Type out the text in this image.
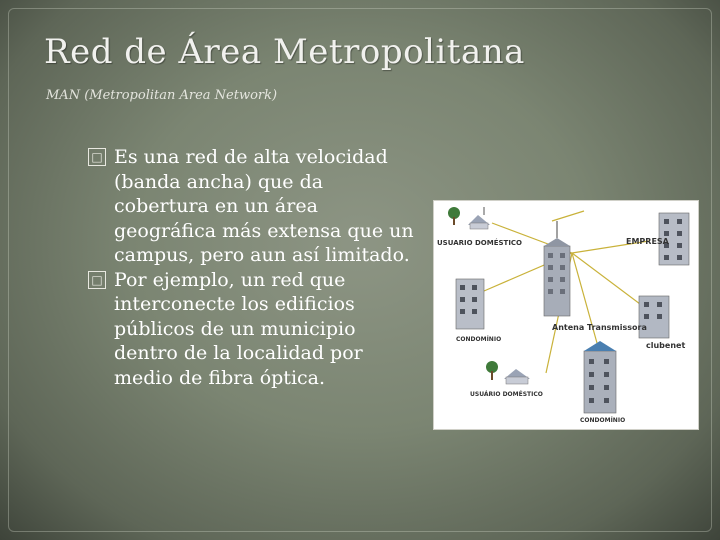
Red de Área Metropolitana
MAN (Metropolitan Area Network)
□ Es una red de alta velocidad (banda ancha) que da cobertura en un área geográfica más extensa que un campus, pero aun así limitado.
□ Por ejemplo, un red que interconecte los edificios públicos de un municipio dentro de la localidad por medio de fibra óptica.
USUARIO DOMÉSTICO	EMPRESA
Antena Transmissora
CONDOMÍNIO
clubenet
USUÁRIO DOMÉSTICO
CONDOMÍNIO
